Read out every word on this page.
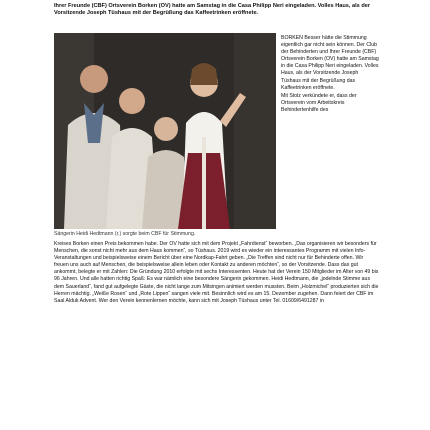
Ihrer Freunde (CBF) Ortsverein Borken (OV) hatte am Samstag in die Casa Philipp Neri eingeladen. Volles Haus, als der Vorsitzende Joseph Tüshaus mit der Begrüßung das Kaffeetrinken eröffnete.
Sängerin Heidi Hedtmann (r.) sorgte beim CBF für Stimmung.

BORKEN Besser hätte die Stimmung eigentlich gar nicht sein können. Der Club der Behinderten und Ihrer Freunde (CBF) Ortsverein Borken (OV) hatte am Samstag in die Casa Philipp Neri eingeladen. Volles Haus, als der Vorsitzende Joseph Tüshaus mit der Begrüßung das Kaffeetrinken eröffnete.

Mit Stolz verkündete er, dass der Ortsverein vom Arbeitskreis Behindertenhilfe des

Kreises Borken einen Preis bekommen habe. Der OV hatte sich mit dem Projekt „Fahrdienst“ beworben. „Das organisieren wir besonders für Menschen, die sonst nicht mehr aus dem Haus kommen“, so Tüshaus. 2019 wird es wieder ein interessantes Programm mit vielen Info-Veranstaltungen und beispielsweise einem Bericht über eine Nordkap-Fahrt geben. „Die Treffen sind nicht nur für Behinderte offen. Wir freuen uns auch auf Menschen, die beispielsweise allein leben oder Kontakt zu anderen möchten“, so der Vorsitzende. Dass das gut ankommt, belegte er mit Zahlen: Die Gründung 2010 erfolgte mit sechs Interessenten. Heute hat der Verein 150 Mitglieder im Alter von 49 bis 96 Jahren. Und alle hatten richtig Spaß: Es war nämlich eine besondere Sängerin gekommen. Heidi Hedtmann, die „jodelnde Stimme aus dem Sauerland“, fand gut aufgelegte Gäste, die nicht lange zum Mitsingen animiert werden mussten. Beim „Holzmichel“ produzierten sich die Herren mächtig. „Weiße Rosen“ und „Rote Lippen“ sangen viele mit. Besinnlich wird es am 15. Dezember zugehen. Dann feiert der CBF im Saal Alduk Advent. Wer den Verein kennenlernen möchte, kann sich mit Joseph Tüshaus unter Tel. 01609/6491287 in
